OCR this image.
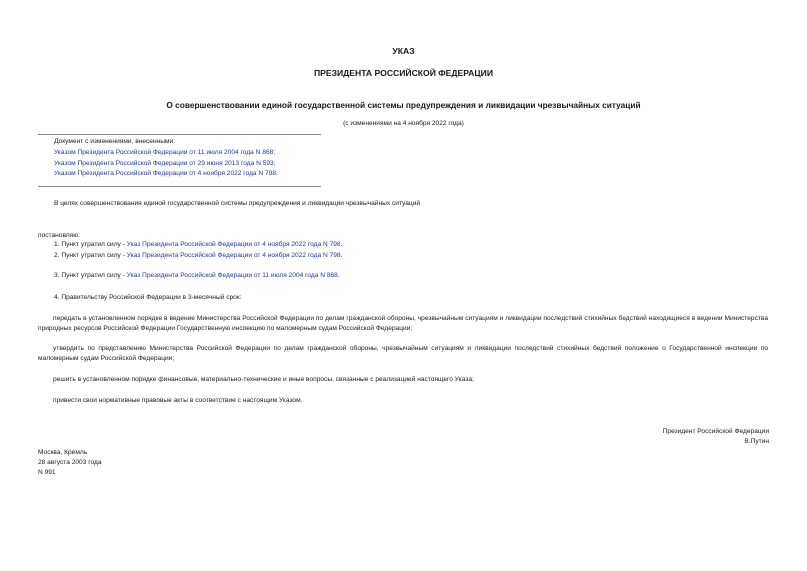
УКАЗ
ПРЕЗИДЕНТА РОССИЙСКОЙ ФЕДЕРАЦИИ
О совершенствовании единой государственной системы предупреждения и ликвидации чрезвычайных ситуаций
(с изменениями на 4 ноября 2022 года)
Документ с изменениями, внесенными:
Указом Президента Российской Федерации от 11 июля 2004 года N 868;
Указом Президента Российской Федерации от 29 июня 2013 года N 593;
Указом Президента Российской Федерации от 4 ноября 2022 года N 798.
В целях совершенствования единой государственной системы предупреждения и ликвидации чрезвычайных ситуаций
постановляю:
1. Пункт утратил силу - Указ Президента Российской Федерации от 4 ноября 2022 года N 798.
2. Пункт утратил силу - Указ Президента Российской Федерации от 4 ноября 2022 года N 798.
3. Пункт утратил силу - Указ Президента Российской Федерации от 11 июля 2004 года N 868.
4. Правительству Российской Федерации в 3-месячный срок:
передать в установленном порядке в ведение Министерства Российской Федерации по делам гражданской обороны, чрезвычайным ситуациям и ликвидации последствий стихийных бедствий находящиеся в ведении Министерства природных ресурсов Российской Федерации Государственную инспекцию по маломерным судам Российской Федерации;
утвердить по представлению Министерства Российской Федерации по делам гражданской обороны, чрезвычайным ситуациям и ликвидации последствий стихийных бедствий положение о Государственной инспекции по маломерным судам Российской Федерации;
решить в установленном порядке финансовые, материально-технические и иные вопросы, связанные с реализацией настоящего Указа;
привести свои нормативные правовые акты в соответствие с настоящим Указом.
Президент Российской Федерации
В.Путин
Москва, Кремль
28 августа 2003 года
N 991
